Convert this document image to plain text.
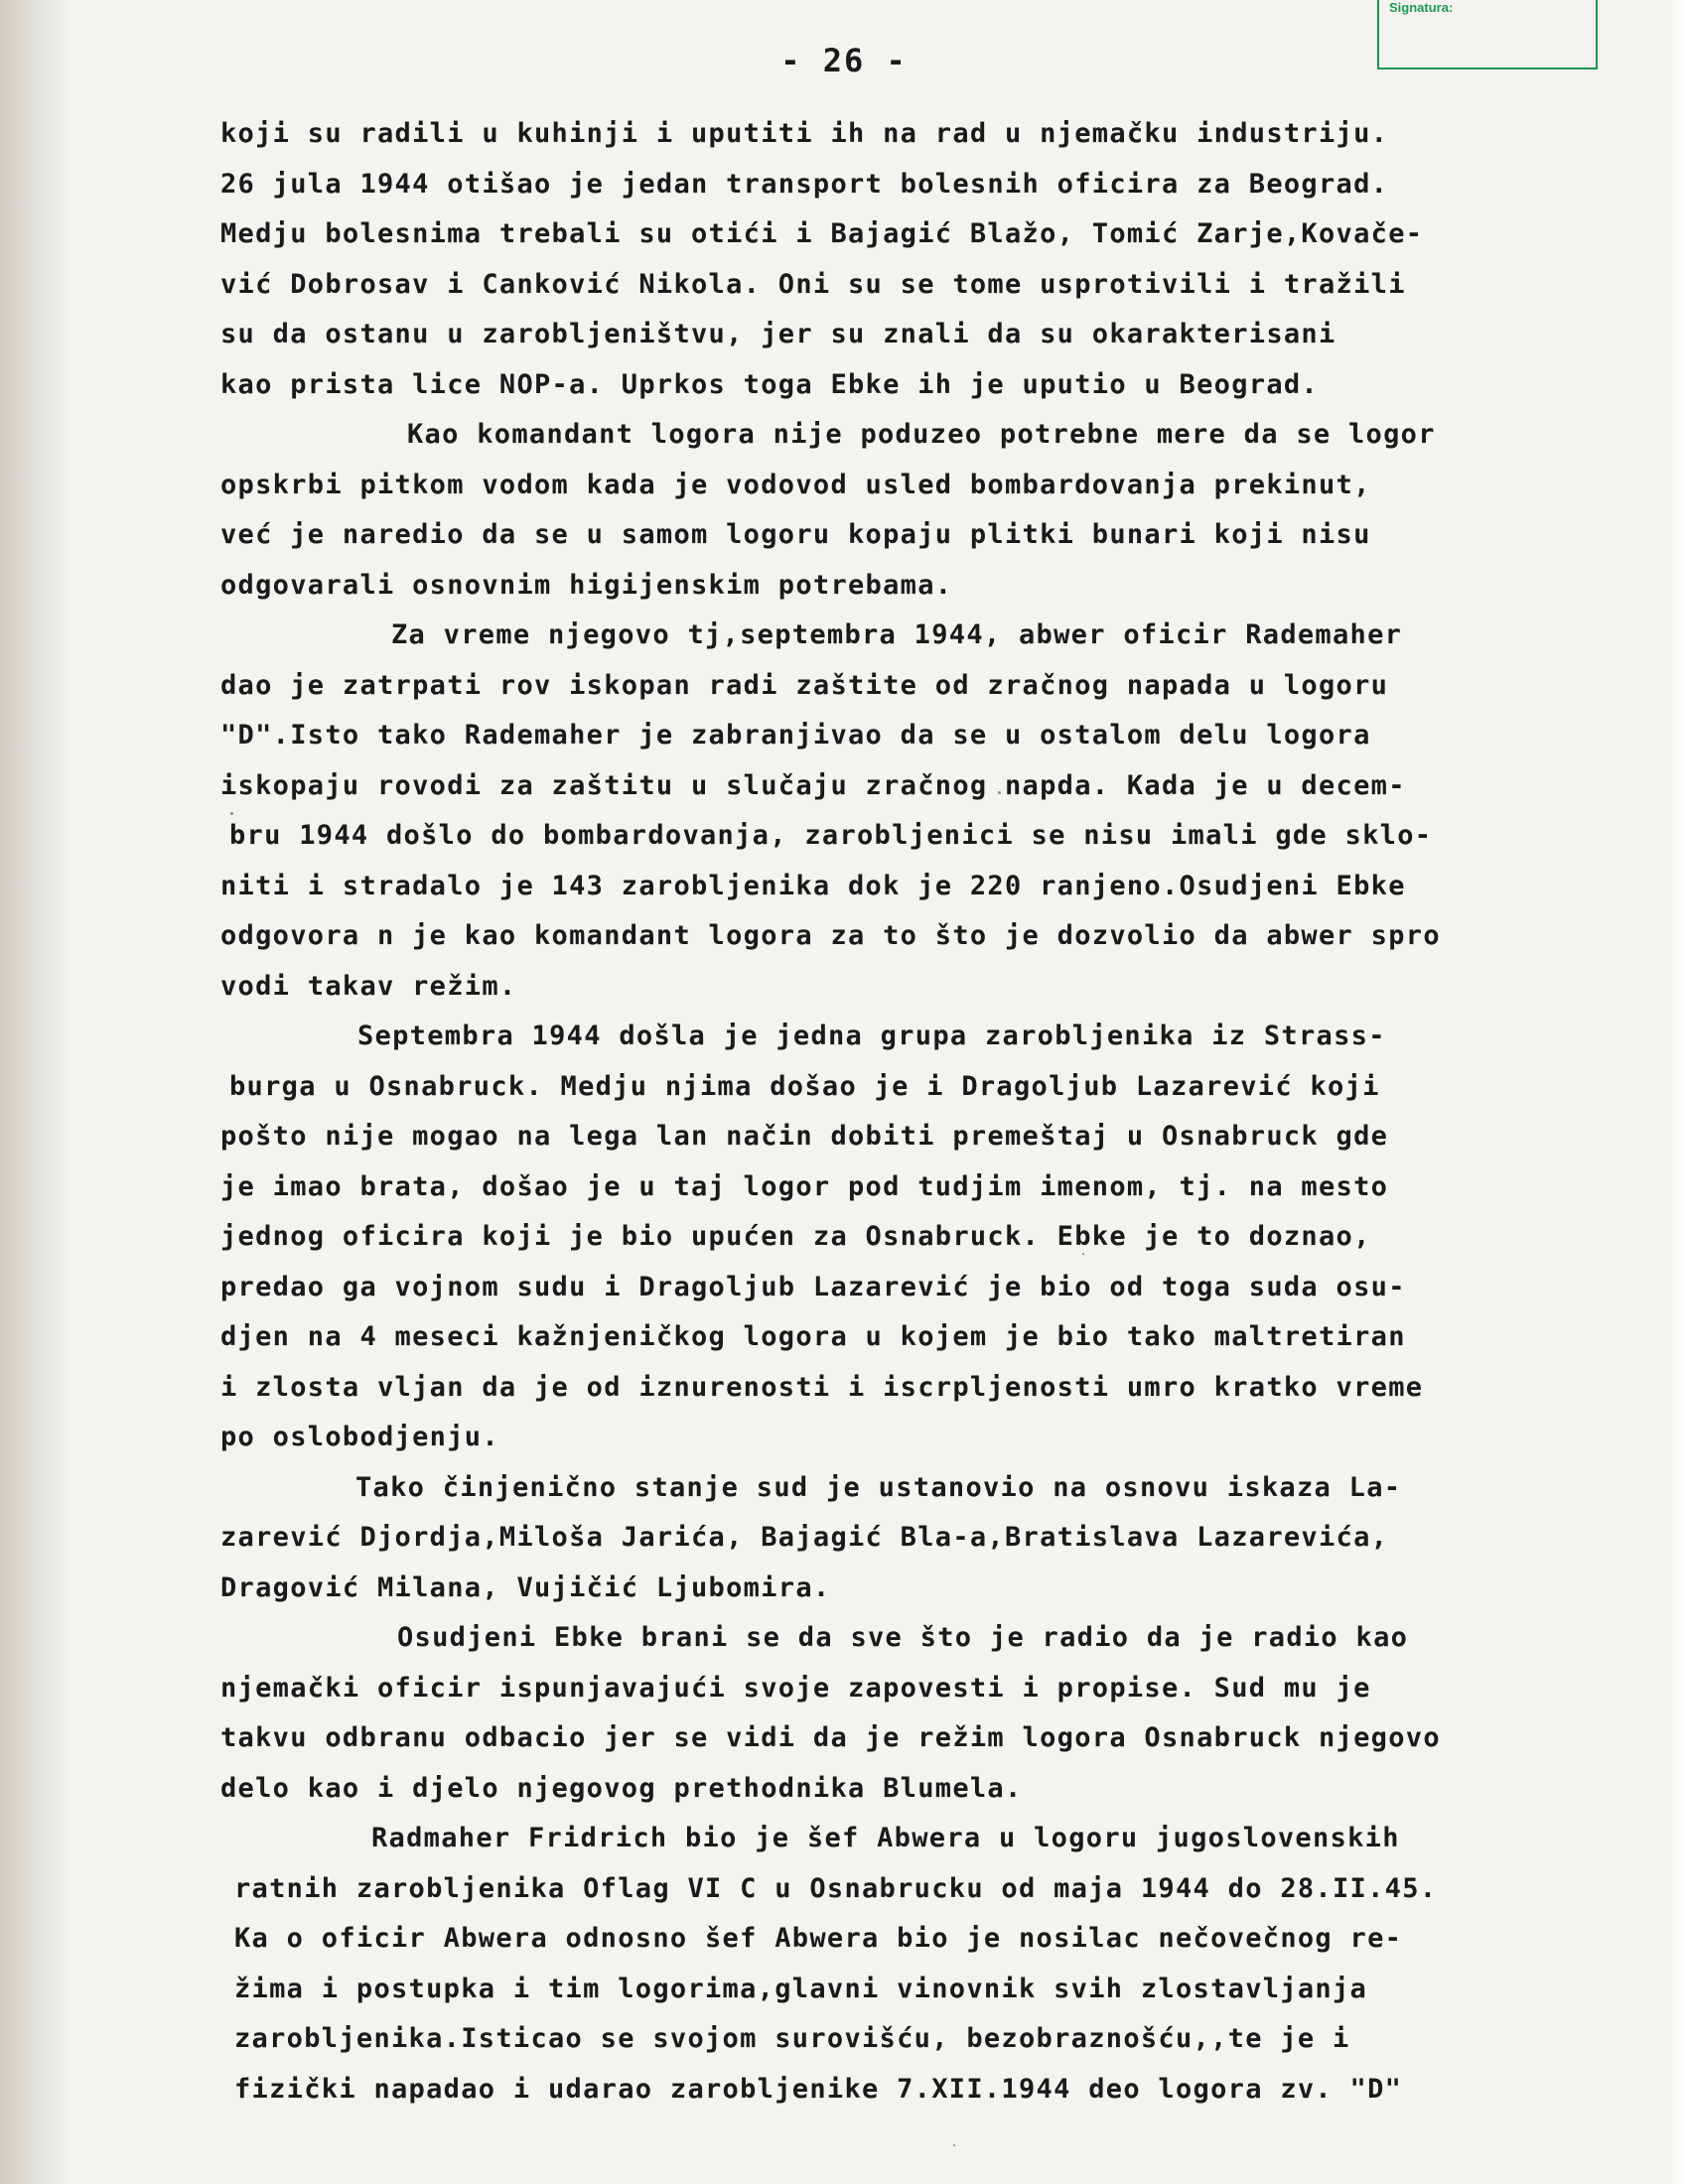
Signatura:
- 26 -
koji su radili u kuhinji i uputiti ih na rad u njemačku industriju.
26 jula 1944 otišao je jedan transport bolesnih oficira za Beograd.
Medju bolesnima trebali su otići i Bajagić Blažo, Tomić Zarje,Kovače-
vić Dobrosav i Canković Nikola. Oni su se tome usprotivili i tražili
su da ostanu u zarobljeništvu, jer su znali da su okarakterisani
kao prista lice NOP-a. Uprkos toga Ebke ih je uputio u Beograd.
Kao komandant logora nije poduzeo potrebne mere da se logor
opskrbi pitkom vodom kada je vodovod usled bombardovanja prekinut,
već je naredio da se u samom logoru kopaju plitki bunari koji nisu
odgovarali osnovnim higijenskim potrebama.
Za vreme njegovo tj,septembra 1944, abwer oficir Rademaher
dao je zatrpati rov iskopan radi zaštite od zračnog napada u logoru
"D".Isto tako Rademaher je zabranjivao da se u ostalom delu logora
iskopaju rovodi za zaštitu u slučaju zračnog napda. Kada je u decem-
bru 1944 došlo do bombardovanja, zarobljenici se nisu imali gde sklo-
niti i stradalo je 143 zarobljenika dok je 220 ranjeno.Osudjeni Ebke
odgovora n je kao komandant logora za to što je dozvolio da abwer spro
vodi takav režim.
Septembra 1944 došla je jedna grupa zarobljenika iz Strass-
burga u Osnabruck. Medju njima došao je i Dragoljub Lazarević koji
pošto nije mogao na lega lan način dobiti premeštaj u Osnabruck gde
je imao brata, došao je u taj logor pod tudjim imenom, tj. na mesto
jednog oficira koji je bio upućen za Osnabruck. Ebke je to doznao,
predao ga vojnom sudu i Dragoljub Lazarević je bio od toga suda osu-
djen na 4 meseci kažnjeničkog logora u kojem je bio tako maltretiran
i zlosta vljan da je od iznurenosti i iscrpljenosti umro kratko vreme
po oslobodjenju.
Tako činjenično stanje sud je ustanovio na osnovu iskaza La-
zarević Djordja,Miloša Jarića, Bajagić Bla-a,Bratislava Lazarevića,
Dragović Milana, Vujičić Ljubomira.
Osudjeni Ebke brani se da sve što je radio da je radio kao
njemački oficir ispunjavajući svoje zapovesti i propise. Sud mu je
takvu odbranu odbacio jer se vidi da je režim logora Osnabruck njegovo
delo kao i djelo njegovog prethodnika Blumela.
Radmaher Fridrich bio je šef Abwera u logoru jugoslovenskih
ratnih zarobljenika Oflag VI C u Osnabrucku od maja 1944 do 28.II.45.
Ka o oficir Abwera odnosno šef Abwera bio je nosilac nečovečnog re-
žima i postupka i tim logorima,glavni vinovnik svih zlostavljanja
zarobljenika.Isticao se svojom surovišću, bezobraznošću,,te je i
fizički napadao i udarao zarobljenike 7.XII.1944 deo logora zv. "D"
